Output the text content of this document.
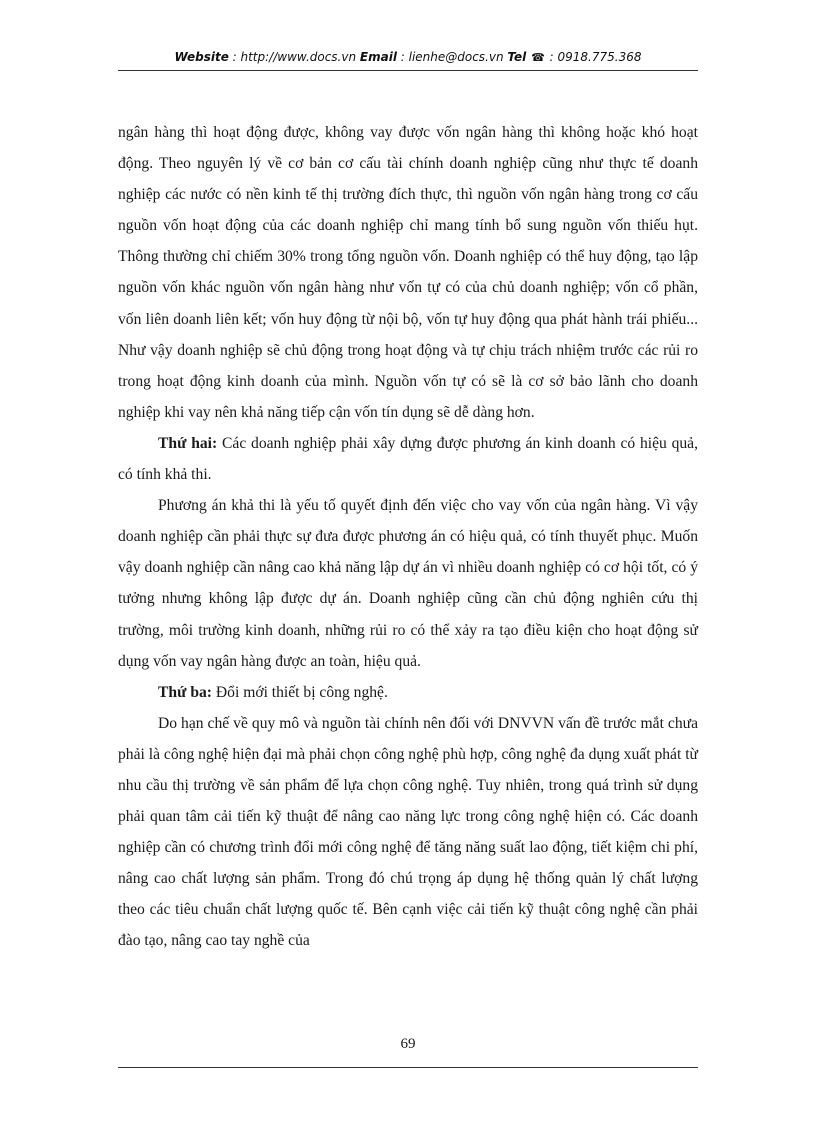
Website : http://www.docs.vn Email : lienhe@docs.vn Tel ☎ : 0918.775.368

ngân hàng thì hoạt động được, không vay được vốn ngân hàng thì không hoặc khó hoạt động. Theo nguyên lý về cơ bản cơ cấu tài chính doanh nghiệp cũng như thực tế doanh nghiệp các nước có nền kinh tế thị trường đích thực, thì nguồn vốn ngân hàng trong cơ cấu nguồn vốn hoạt động của các doanh nghiệp chỉ mang tính bổ sung nguồn vốn thiếu hụt. Thông thường chỉ chiếm 30% trong tổng nguồn vốn. Doanh nghiệp có thể huy động, tạo lập nguồn vốn khác nguồn vốn ngân hàng như vốn tự có của chủ doanh nghiệp; vốn cổ phần, vốn liên doanh liên kết; vốn huy động từ nội bộ, vốn tự huy động qua phát hành trái phiếu... Như vậy doanh nghiệp sẽ chủ động trong hoạt động và tự chịu trách nhiệm trước các rủi ro trong hoạt động kinh doanh của mình. Nguồn vốn tự có sẽ là cơ sở bảo lãnh cho doanh nghiệp khi vay nên khả năng tiếp cận vốn tín dụng sẽ dễ dàng hơn.

Thứ hai: Các doanh nghiệp phải xây dựng được phương án kinh doanh có hiệu quả, có tính khả thi.

Phương án khả thi là yếu tố quyết định đến việc cho vay vốn của ngân hàng. Vì vậy doanh nghiệp cần phải thực sự đưa được phương án có hiệu quả, có tính thuyết phục. Muốn vậy doanh nghiệp cần nâng cao khả năng lập dự án vì nhiều doanh nghiệp có cơ hội tốt, có ý tưởng nhưng không lập được dự án. Doanh nghiệp cũng cần chủ động nghiên cứu thị trường, môi trường kinh doanh, những rủi ro có thể xảy ra tạo điều kiện cho hoạt động sử dụng vốn vay ngân hàng được an toàn, hiệu quả.

Thứ ba: Đổi mới thiết bị công nghệ.

Do hạn chế về quy mô và nguồn tài chính nên đối với DNVVN vấn đề trước mắt chưa phải là công nghệ hiện đại mà phải chọn công nghệ phù hợp, công nghệ đa dụng xuất phát từ nhu cầu thị trường về sản phẩm để lựa chọn công nghệ. Tuy nhiên, trong quá trình sử dụng phải quan tâm cải tiến kỹ thuật để nâng cao năng lực trong công nghệ hiện có. Các doanh nghiệp cần có chương trình đổi mới công nghệ để tăng năng suất lao động, tiết kiệm chi phí, nâng cao chất lượng sản phẩm. Trong đó chú trọng áp dụng hệ thống quản lý chất lượng theo các tiêu chuẩn chất lượng quốc tế. Bên cạnh việc cải tiến kỹ thuật công nghệ cần phải đào tạo, nâng cao tay nghề của

69
